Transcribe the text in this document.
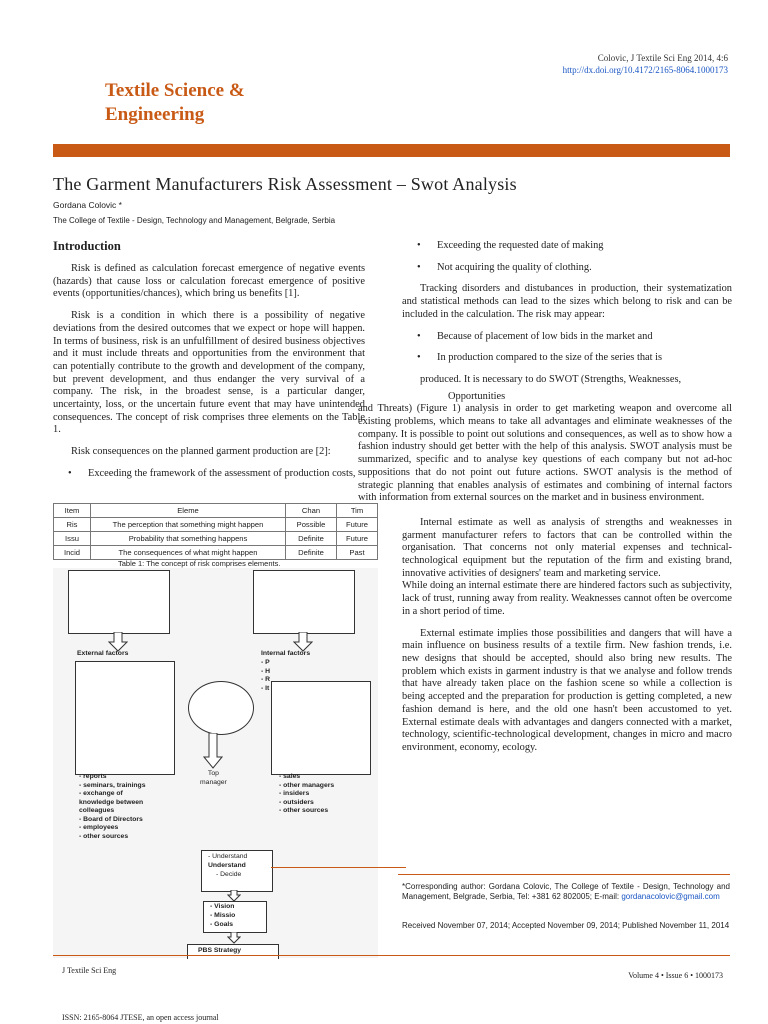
Colovic, J Textile Sci Eng 2014, 4:6
http://dx.doi.org/10.4172/2165-8064.1000173
Textile Science &
Engineering
The Garment Manufacturers Risk Assessment – Swot Analysis
Gordana Colovic *
The College of Textile - Design, Technology and Management, Belgrade, Serbia
Introduction

Risk is defined as calculation forecast emergence of negative events (hazards) that cause loss or calculation forecast emergence of positive events (opportunities/chances), which bring us benefits [1].

Risk is a condition in which there is a possibility of negative deviations from the desired outcomes that we expect or hope will happen. In terms of business, risk is an unfulfillment of desired business objectives and it must include threats and opportunities from the environment that can potentially contribute to the growth and development of the company, but prevent development, and thus endanger the very survival of a company. The risk, in the broadest sense, is a particular danger, uncertainty, loss, or the uncertain future event that may have unintended consequences. The concept of risk comprises three elements on the Table 1.

Risk consequences on the planned garment production are [2]:

• Exceeding the framework of the assessment of production costs,
Item	Eleme	Chan	Tim
Ris	The perception that something might happen	Possible	Future
Issu	Probability that something happens	Definite	Future
Incid	The consequences of what might happen	Definite	Past
Table 1: The concept of risk comprises elements.
External factors	Internal factors
- P
- H
- R
- It
Top
manager
- reports
- seminars, trainings
- exchange of
knowledge between
colleagues
- Board of Directors
- employees
- other sources
- sales
- other managers
- insiders
- outsiders
- other sources
- Understand
Understand
- Decide
- Vision
- Missio
- Goals
PBS Strategy
• Exceeding the requested date of making
• Not acquiring the quality of clothing.

Tracking disorders and distubances in production, their systematization and statistical methods can lead to the sizes which belong to risk and can be included in the calculation. The risk may appear:

• Because of placement of low bids in the market and
• In production compared to the size of the series that is

produced. It is necessary to do SWOT (Strengths, Weaknesses,

Opportunities

and Threats) (Figure 1) analysis in order to get marketing weapon and overcome all existing problems, which means to take all advantages and eliminate weaknesses of the company. It is possible to point out solutions and consequences, as well as to show how a fashion industry should get better with the help of this analysis. SWOT analysis must be summarized, specific and to analyse key questions of each company but not ad-hoc suppositions that do not point out future actions. SWOT analysis is the method of strategic planning that enables analysis of estimates and combining of internal factors with information from external sources on the market and in business environment.

Internal estimate as well as analysis of strengths and weaknesses in garment manufacturer refers to factors that can be controlled within the organisation. That concerns not only material expenses and technical- technological equipment but the reputation of the firm and existing brand, innovative activities of designers' team and marketing service.

While doing an internal estimate there are hindered factors such as subjectivity, lack of trust, running away from reality. Weaknesses cannot often be overcome in a short period of time.

External estimate implies those possibilities and dangers that will have a main influence on business results of a textile firm. New fashion trends, i.e. new designs that should be accepted, should also bring new results. The problem which exists in garment industry is that we analyse and follow trends that have already taken place on the fashion scene so while a collection is being accepted and the preparation for production is getting completed, a new fashion demand is here, and the old one hasn't been accustomed to yet. External estimate deals with advantages and dangers connected with a market, technology, scientific-technological development, changes in micro and macro environment, economy, ecology.

*Corresponding author: Gordana Colovic, The College of Textile - Design, Technology and Management, Belgrade, Serbia, Tel: +381 62 802005; E-mail: gordanacolovic@gmail.com
Received November 07, 2014; Accepted November 09, 2014; Published November 11, 2014
J Textile Sci Eng
Volume 4 • Issue 6 • 1000173
ISSN: 2165-8064 JTESE, an open access journal
